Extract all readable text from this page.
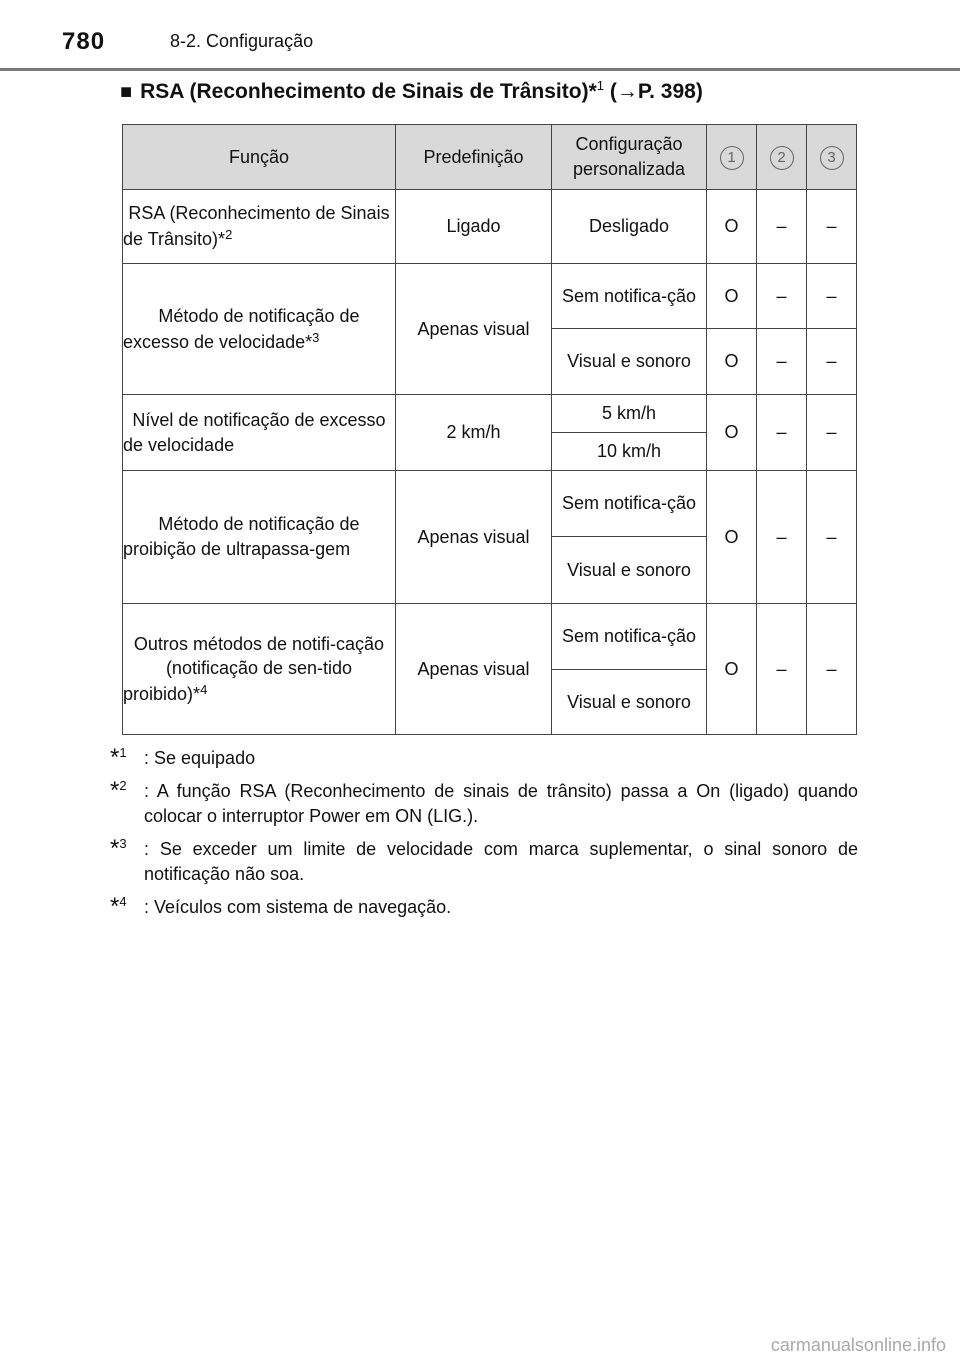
780	8-2. Configuração
■ RSA (Reconhecimento de Sinais de Trânsito)*$^1$ (→P. 398)
Função	Predefinição	Configuração personalizada	1	2	3
RSA (Reconhecimento de Sinais de Trânsito)*$^2$	Ligado	Desligado	O	–	–
Método de notificação de excesso de velocidade*$^3$	Apenas visual	Sem notifica-ção	O	–	–
		Visual e sonoro	O	–	–
Nível de notificação de excesso de velocidade	2 km/h	5 km/h	O	–	–
		10 km/h			
Método de notificação de proibição de ultrapassa-gem	Apenas visual	Sem notifica-ção	O	–	–
		Visual e sonoro			
Outros métodos de notifi-cação (notificação de sen-tido proibido)*$^4$	Apenas visual	Sem notifica-ção	O	–	–
		Visual e sonoro			
*$^1$ : Se equipado
*$^2$ : A função RSA (Reconhecimento de sinais de trânsito) passa a On (ligado) quando colocar o interruptor Power em ON (LIG.).
*$^3$ : Se exceder um limite de velocidade com marca suplementar, o sinal sonoro de notificação não soa.
*$^4$ : Veículos com sistema de navegação.
carmanualsonline.info
